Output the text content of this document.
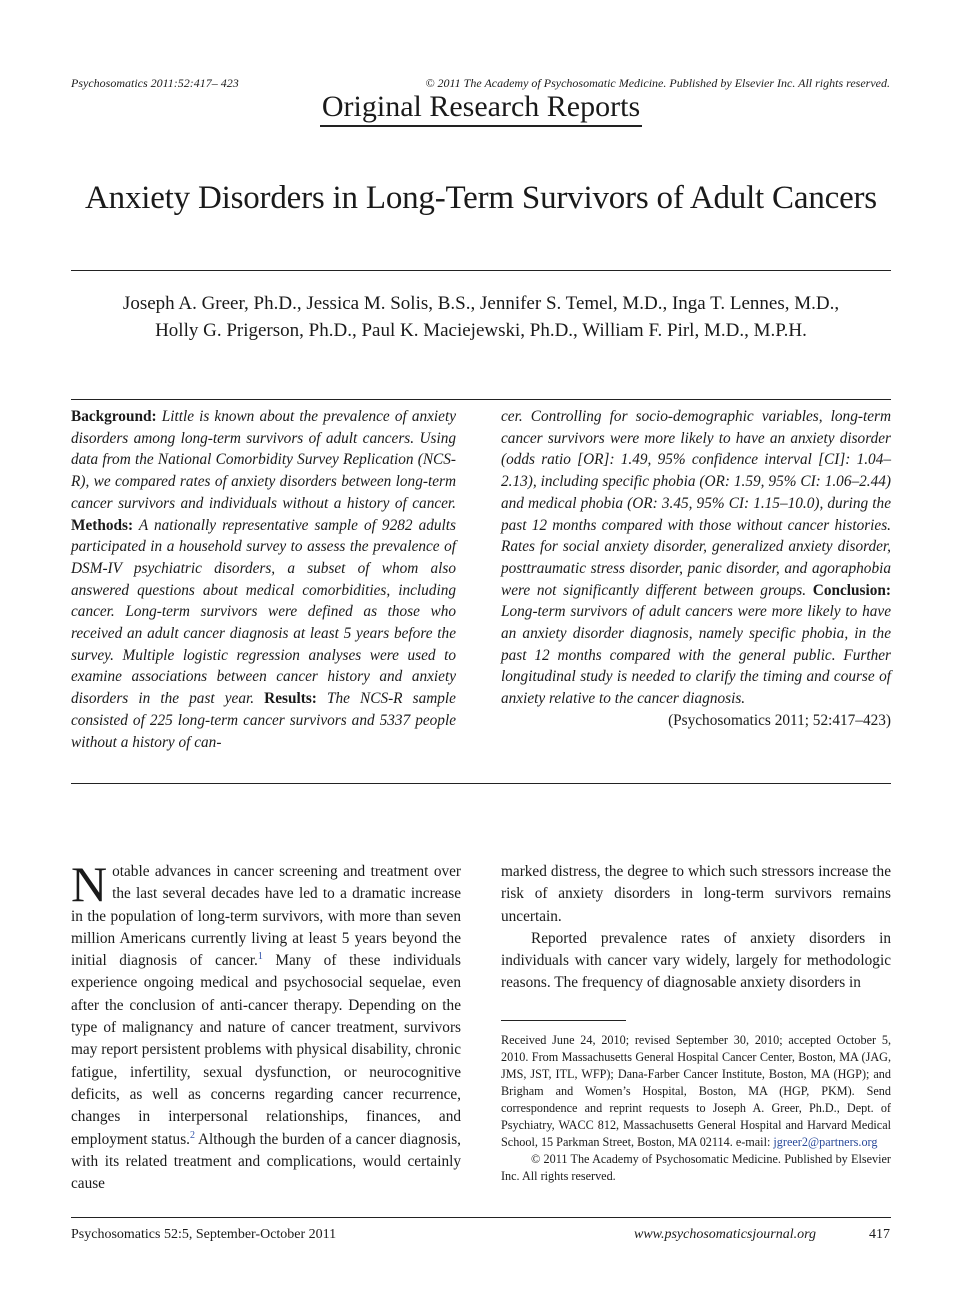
Psychosomatics 2011:52:417– 423	© 2011 The Academy of Psychosomatic Medicine. Published by Elsevier Inc. All rights reserved.
Original Research Reports
Anxiety Disorders in Long-Term Survivors of Adult Cancers
Joseph A. Greer, Ph.D., Jessica M. Solis, B.S., Jennifer S. Temel, M.D., Inga T. Lennes, M.D.,
Holly G. Prigerson, Ph.D., Paul K. Maciejewski, Ph.D., William F. Pirl, M.D., M.P.H.
Background: Little is known about the prevalence of anxiety disorders among long-term survivors of adult cancers. Using data from the National Comorbidity Survey Replication (NCS-R), we compared rates of anxiety disorders between long-term cancer survivors and individuals without a history of cancer. Methods: A nationally representative sample of 9282 adults participated in a household survey to assess the prevalence of DSM-IV psychiatric disorders, a subset of whom also answered questions about medical comorbidities, including cancer. Long-term survivors were defined as those who received an adult cancer diagnosis at least 5 years before the survey. Multiple logistic regression analyses were used to examine associations between cancer history and anxiety disorders in the past year. Results: The NCS-R sample consisted of 225 long-term cancer survivors and 5337 people without a history of can-
cer. Controlling for socio-demographic variables, long-term cancer survivors were more likely to have an anxiety disorder (odds ratio [OR]: 1.49, 95% confidence interval [CI]: 1.04–2.13), including specific phobia (OR: 1.59, 95% CI: 1.06–2.44) and medical phobia (OR: 3.45, 95% CI: 1.15–10.0), during the past 12 months compared with those without cancer histories. Rates for social anxiety disorder, generalized anxiety disorder, posttraumatic stress disorder, panic disorder, and agoraphobia were not significantly different between groups. Conclusion: Long-term survivors of adult cancers were more likely to have an anxiety disorder diagnosis, namely specific phobia, in the past 12 months compared with the general public. Further longitudinal study is needed to clarify the timing and course of anxiety relative to the cancer diagnosis.
(Psychosomatics 2011; 52:417–423)
Notable advances in cancer screening and treatment over the last several decades have led to a dramatic increase in the population of long-term survivors, with more than seven million Americans currently living at least 5 years beyond the initial diagnosis of cancer.$^1$ Many of these individuals experience ongoing medical and psychosocial sequelae, even after the conclusion of anti-cancer therapy. Depending on the type of malignancy and nature of cancer treatment, survivors may report persistent problems with physical disability, chronic fatigue, infertility, sexual dysfunction, or neurocognitive deficits, as well as concerns regarding cancer recurrence, changes in interpersonal relationships, finances, and employment status.$^2$ Although the burden of a cancer diagnosis, with its related treatment and complications, would certainly cause
marked distress, the degree to which such stressors increase the risk of anxiety disorders in long-term survivors remains uncertain.
Reported prevalence rates of anxiety disorders in individuals with cancer vary widely, largely for methodologic reasons. The frequency of diagnosable anxiety disorders in
Received June 24, 2010; revised September 30, 2010; accepted October 5, 2010. From Massachusetts General Hospital Cancer Center, Boston, MA (JAG, JMS, JST, ITL, WFP); Dana-Farber Cancer Institute, Boston, MA (HGP); and Brigham and Women’s Hospital, Boston, MA (HGP, PKM). Send correspondence and reprint requests to Joseph A. Greer, Ph.D., Dept. of Psychiatry, WACC 812, Massachusetts General Hospital and Harvard Medical School, 15 Parkman Street, Boston, MA 02114. e-mail: jgreer2@partners.org
© 2011 The Academy of Psychosomatic Medicine. Published by Elsevier Inc. All rights reserved.
Psychosomatics 52:5, September-October 2011	www.psychosomaticsjournal.org	417
